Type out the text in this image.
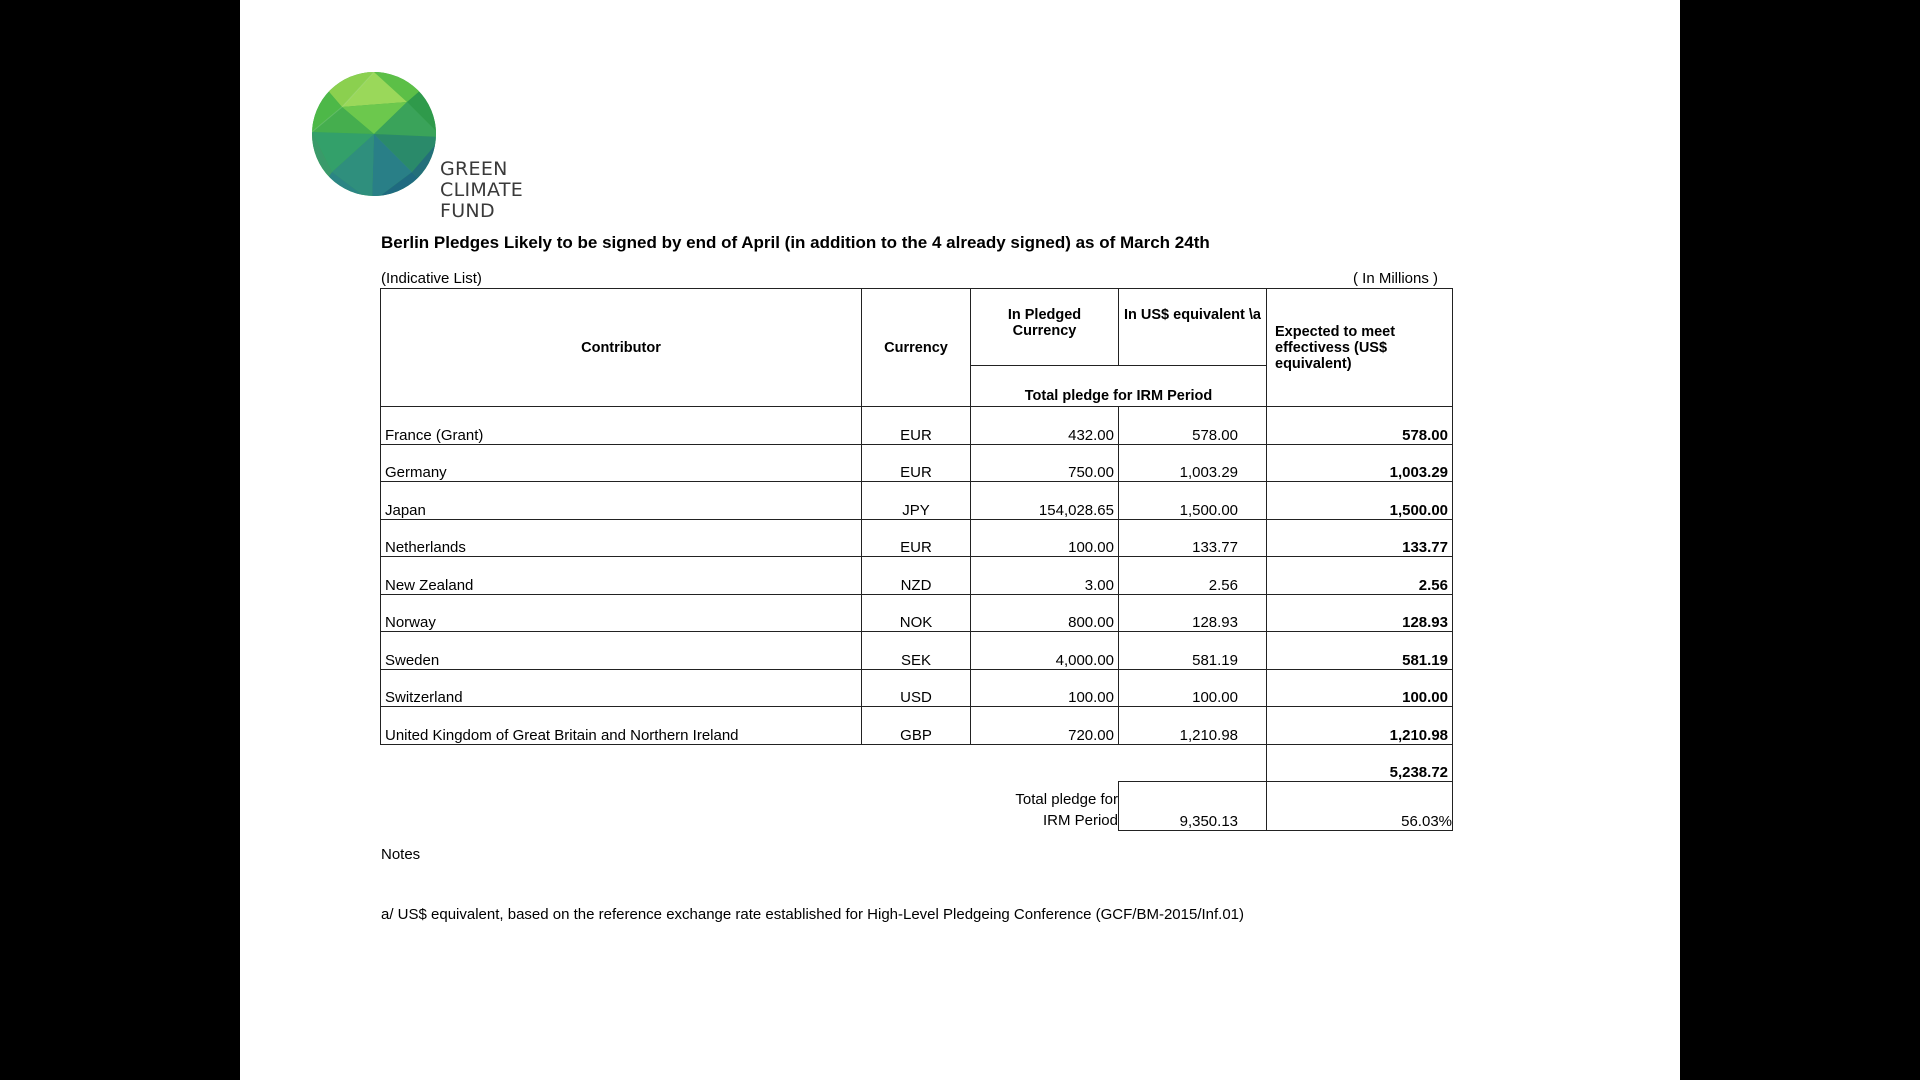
GREEN
CLIMATE
FUND
Berlin Pledges Likely to be signed by end of April (in addition to the 4 already signed) as of March 24th
(Indicative List)	( In Millions )
Contributor	Currency	In Pledged Currency	In US$ equivalent \a	Expected to meet effectivess (US$ equivalent)
		Total pledge for IRM Period		
France (Grant)	EUR	432.00	578.00	578.00
Germany	EUR	750.00	1,003.29	1,003.29
Japan	JPY	154,028.65	1,500.00	1,500.00
Netherlands	EUR	100.00	133.77	133.77
New Zealand	NZD	3.00	2.56	2.56
Norway	NOK	800.00	128.93	128.93
Sweden	SEK	4,000.00	581.19	581.19
Switzerland	USD	100.00	100.00	100.00
United Kingdom of Great Britain and Northern Ireland	GBP	720.00	1,210.98	1,210.98
				5,238.72
		Total pledge for IRM Period	9,350.13	56.03%
Notes
a/ US$ equivalent, based on the reference exchange rate established for High-Level Pledgeing Conference (GCF/BM-2015/Inf.01)
